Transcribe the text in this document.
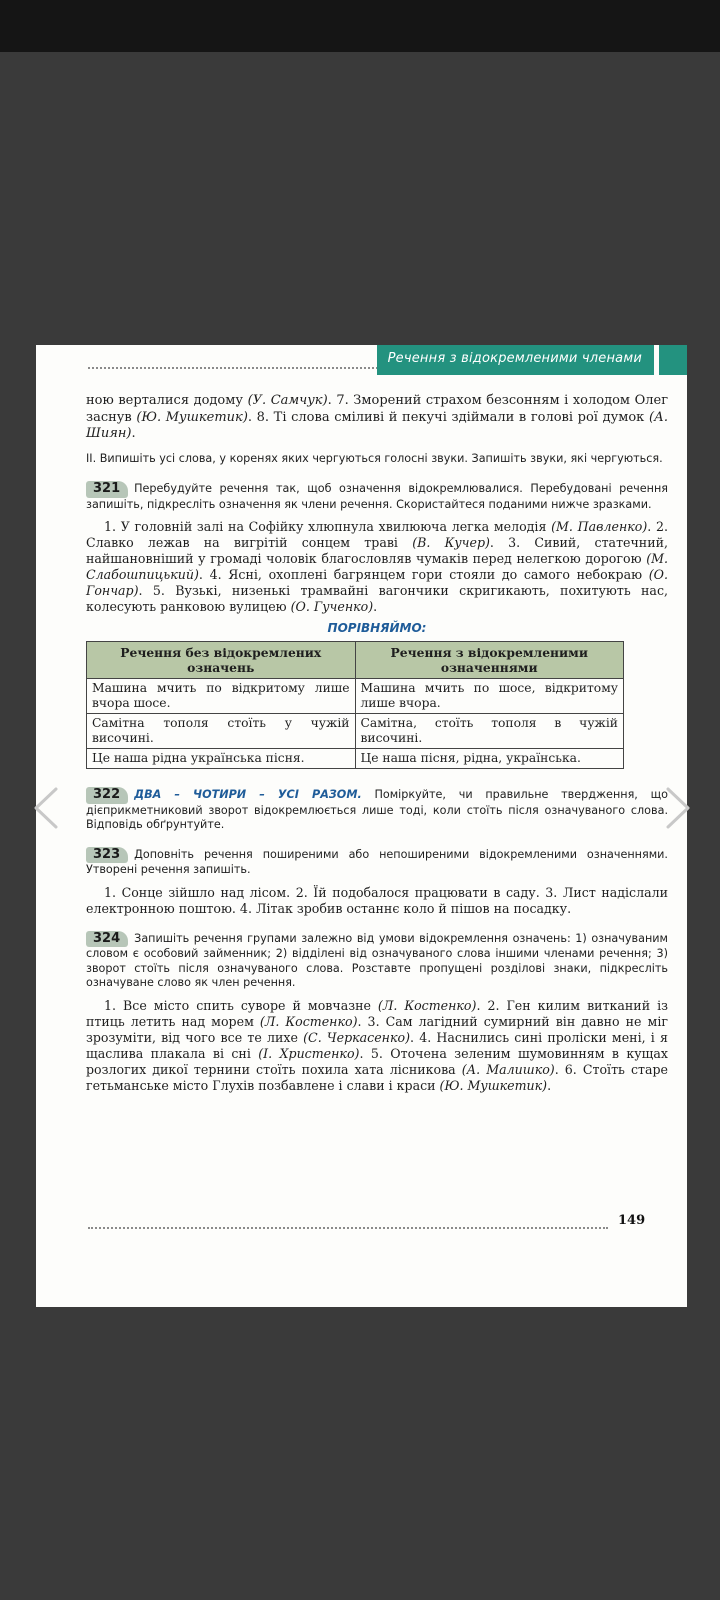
Речення з відокремленими членами

ною верталися додому (У. Самчук). 7. Зморений страхом безсонням і холодом Олег заснув (Ю. Мушкетик). 8. Ті слова сміливі й пекучі здіймали в голові рої думок (А. Шиян).

II. Випишіть усі слова, у коренях яких чергуються голосні звуки. Запишіть звуки, які чергуються.

321 Перебудуйте речення так, щоб означення відокремлювалися. Перебудовані речення запишіть, підкресліть означення як члени речення. Скористайтеся поданими нижче зразками.

1. У головній залі на Софійку хлюпнула хвилююча легка мелодія (М. Павленко). 2. Славко лежав на вигрітій сонцем траві (В. Кучер). 3. Сивий, статечний, найшановніший у громаді чоловік благословляв чумаків перед нелегкою дорогою (М. Слабошпицький). 4. Ясні, охоплені багрянцем гори стояли до самого небокраю (О. Гончар). 5. Вузькі, низенькі трамвайні вагончики скригикають, похитують нас, колесують ранковою вулицею (О. Гученко).

ПОРІВНЯЙМО:
Речення без відокремлених означень	Речення з відокремленими означеннями
Машина мчить по відкритому лише вчора шосе.	Машина мчить по шосе, відкритому лише вчора.
Самітна тополя стоїть у чужій височині.	Самітна, стоїть тополя в чужій височині.
Це наша рідна українська пісня.	Це наша пісня, рідна, українська.

322 ДВА – ЧОТИРИ – УСІ РАЗОМ. Поміркуйте, чи правильне твердження, що дієприкметниковий зворот відокремлюється лише тоді, коли стоїть після означуваного слова. Відповідь обґрунтуйте.

323 Доповніть речення поширеними або непоширеними відокремленими означеннями. Утворені речення запишіть.

1. Сонце зійшло над лісом. 2. Їй подобалося працювати в саду. 3. Лист надіслали електронною поштою. 4. Літак зробив останнє коло й пішов на посадку.

324 Запишіть речення групами залежно від умови відокремлення означень: 1) означуваним словом є особовий займенник; 2) відділені від означуваного слова іншими членами речення; 3) зворот стоїть після означуваного слова. Розставте пропущені розділові знаки, підкресліть означуване слово як член речення.

1. Все місто спить суворе й мовчазне (Л. Костенко). 2. Ген килим витканий із птиць летить над морем (Л. Костенко). 3. Сам лагідний сумирний він давно не міг зрозуміти, від чого все те лихе (С. Черкасенко). 4. Наснились сині проліски мені, і я щаслива плакала ві сні (І. Христенко). 5. Оточена зеленим шумовинням в кущах розлогих дикої тернини стоїть похила хата лісникова (А. Малишко). 6. Стоїть старе гетьманське місто Глухів позбавлене і слави і краси (Ю. Мушкетик).

149
